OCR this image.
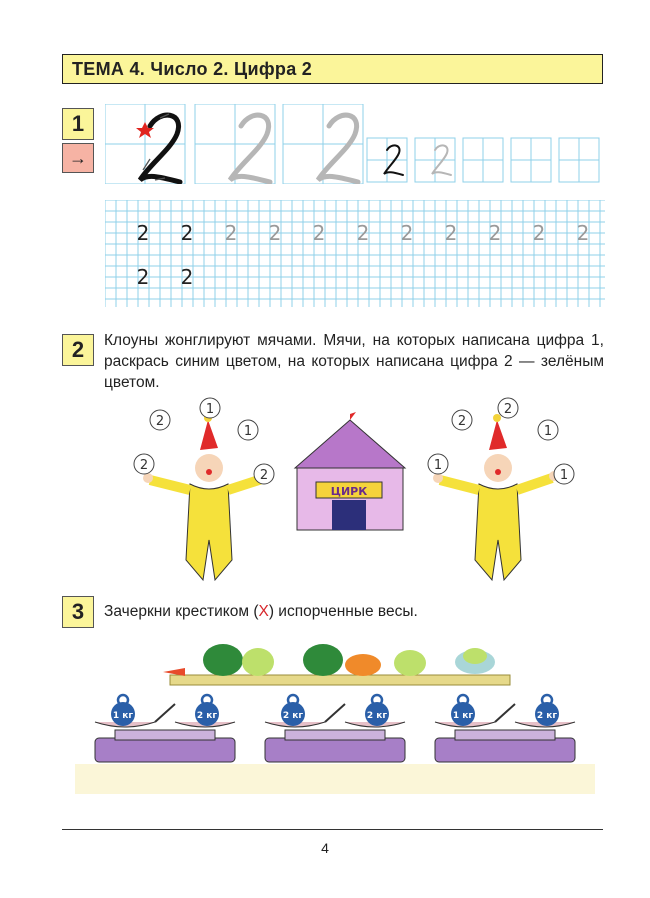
ТЕМА 4. Число 2. Цифра 2
1
→
2 2 2 2 2 2 2 2 2 2 2
2 2
2 Клоуны жонглируют мячами. Мячи, на которых написана цифра 1, раскрась синим цветом, на которых написана цифра 2 — зелёным цветом.
ЦИРК
2
1
1
2
2
2
2
1
1
1
3 Зачеркни крестиком (Х) испорченные весы.
1 кг	2 кг	2 кг	2 кг	1 кг	2 кг
4
